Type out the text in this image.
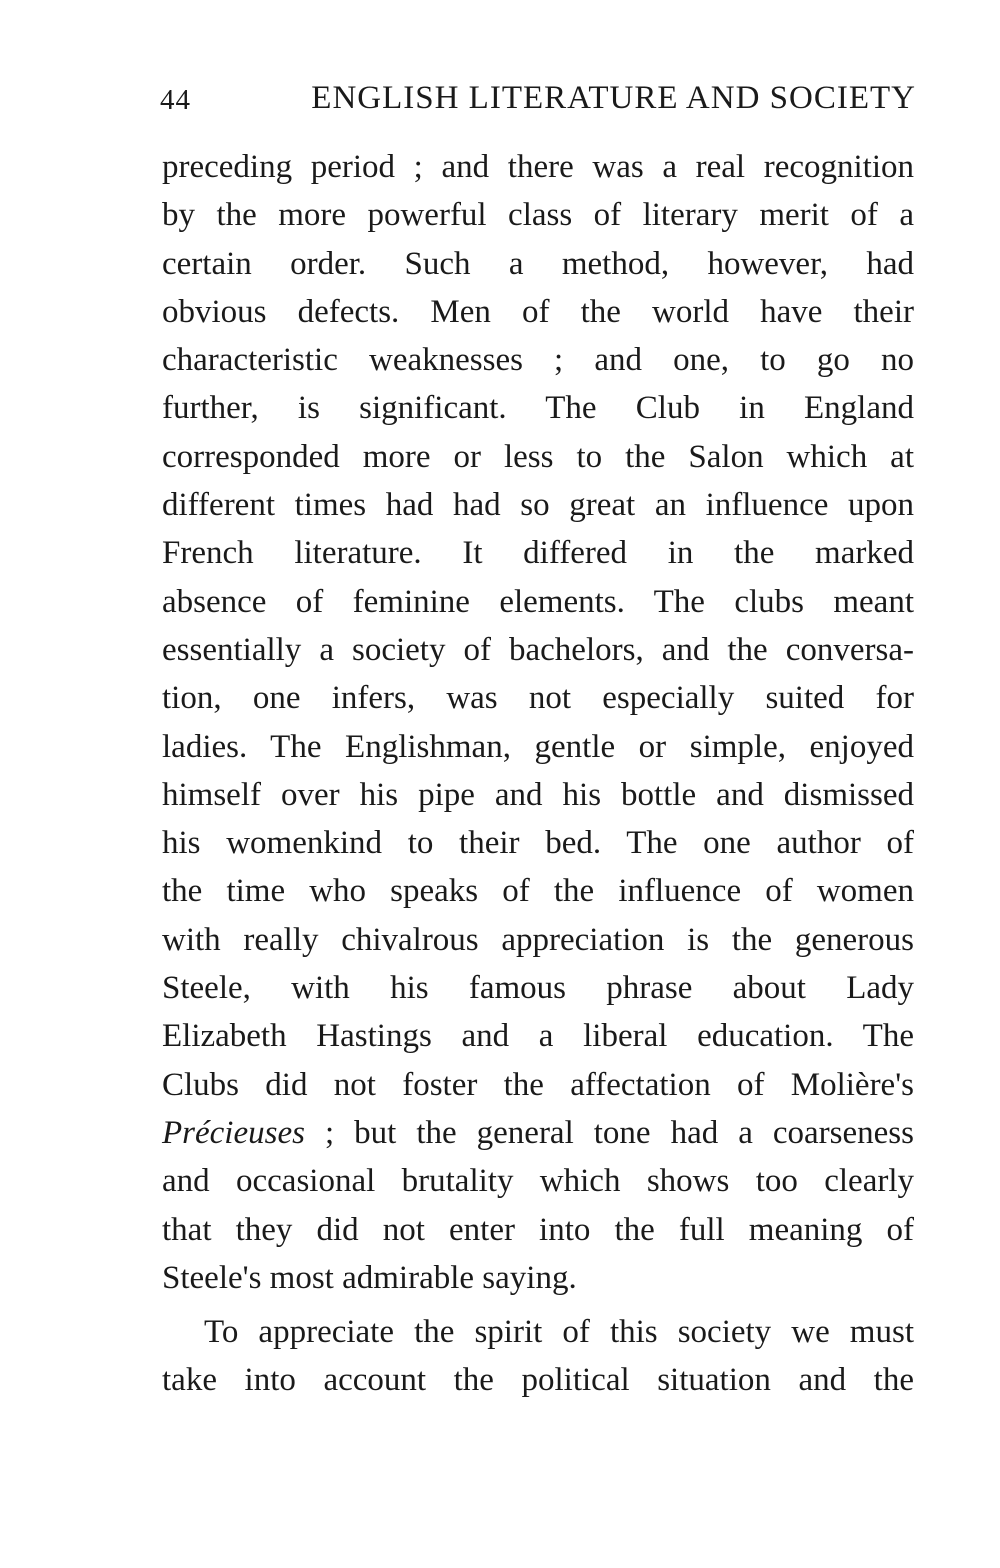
44	ENGLISH LITERATURE AND SOCIETY
preceding period ; and there was a real recognition
by the more powerful class of literary merit of a
certain order. Such a method, however, had
obvious defects. Men of the world have their
characteristic weaknesses ; and one, to go no
further, is significant. The Club in England
corresponded more or less to the Salon which at
different times had had so great an influence upon
French literature. It differed in the marked
absence of feminine elements. The clubs meant
essentially a society of bachelors, and the conversa-
tion, one infers, was not especially suited for
ladies. The Englishman, gentle or simple, enjoyed
himself over his pipe and his bottle and dismissed
his womenkind to their bed. The one author of
the time who speaks of the influence of women
with really chivalrous appreciation is the generous
Steele, with his famous phrase about Lady
Elizabeth Hastings and a liberal education. The
Clubs did not foster the affectation of Molière's
Précieuses ; but the general tone had a coarseness
and occasional brutality which shows too clearly
that they did not enter into the full meaning of
Steele's most admirable saying.
To appreciate the spirit of this society we must
take into account the political situation and the
